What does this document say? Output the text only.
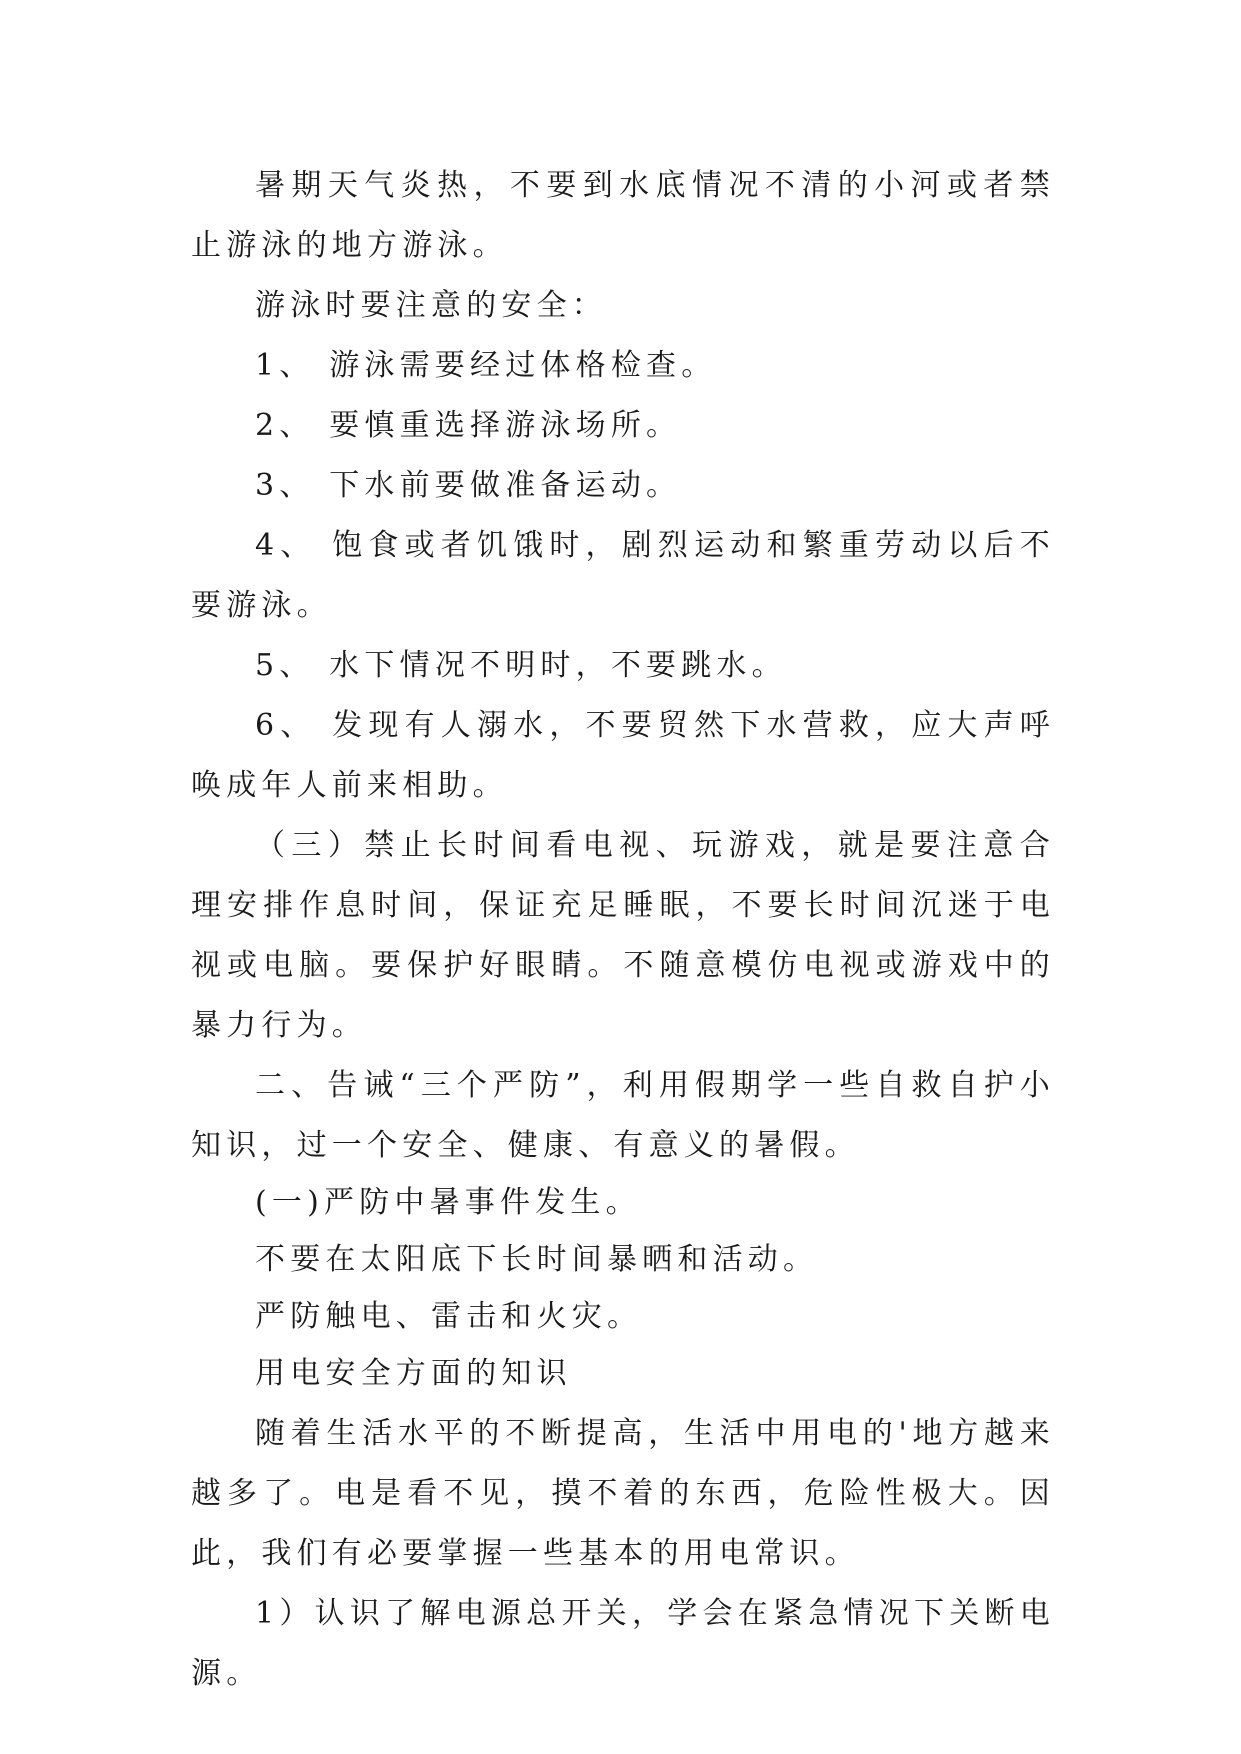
暑期天气炎热，不要到水底情况不清的小河或者禁止游泳的地方游泳。

游泳时要注意的安全：

1、 游泳需要经过体格检查。

2、 要慎重选择游泳场所。

3、 下水前要做准备运动。

4、 饱食或者饥饿时，剧烈运动和繁重劳动以后不要游泳。

5、 水下情况不明时，不要跳水。

6、 发现有人溺水，不要贸然下水营救，应大声呼唤成年人前来相助。

（三）禁止长时间看电视、玩游戏，就是要注意合理安排作息时间，保证充足睡眠，不要长时间沉迷于电视或电脑。要保护好眼睛。不随意模仿电视或游戏中的暴力行为。

二、告诫“三个严防”，利用假期学一些自救自护小知识，过一个安全、健康、有意义的暑假。

(一)严防中暑事件发生。

不要在太阳底下长时间暴晒和活动。

严防触电、雷击和火灾。

用电安全方面的知识

随着生活水平的不断提高，生活中用电的'地方越来越多了。电是看不见，摸不着的东西，危险性极大。因此，我们有必要掌握一些基本的用电常识。

1）认识了解电源总开关，学会在紧急情况下关断电源。
